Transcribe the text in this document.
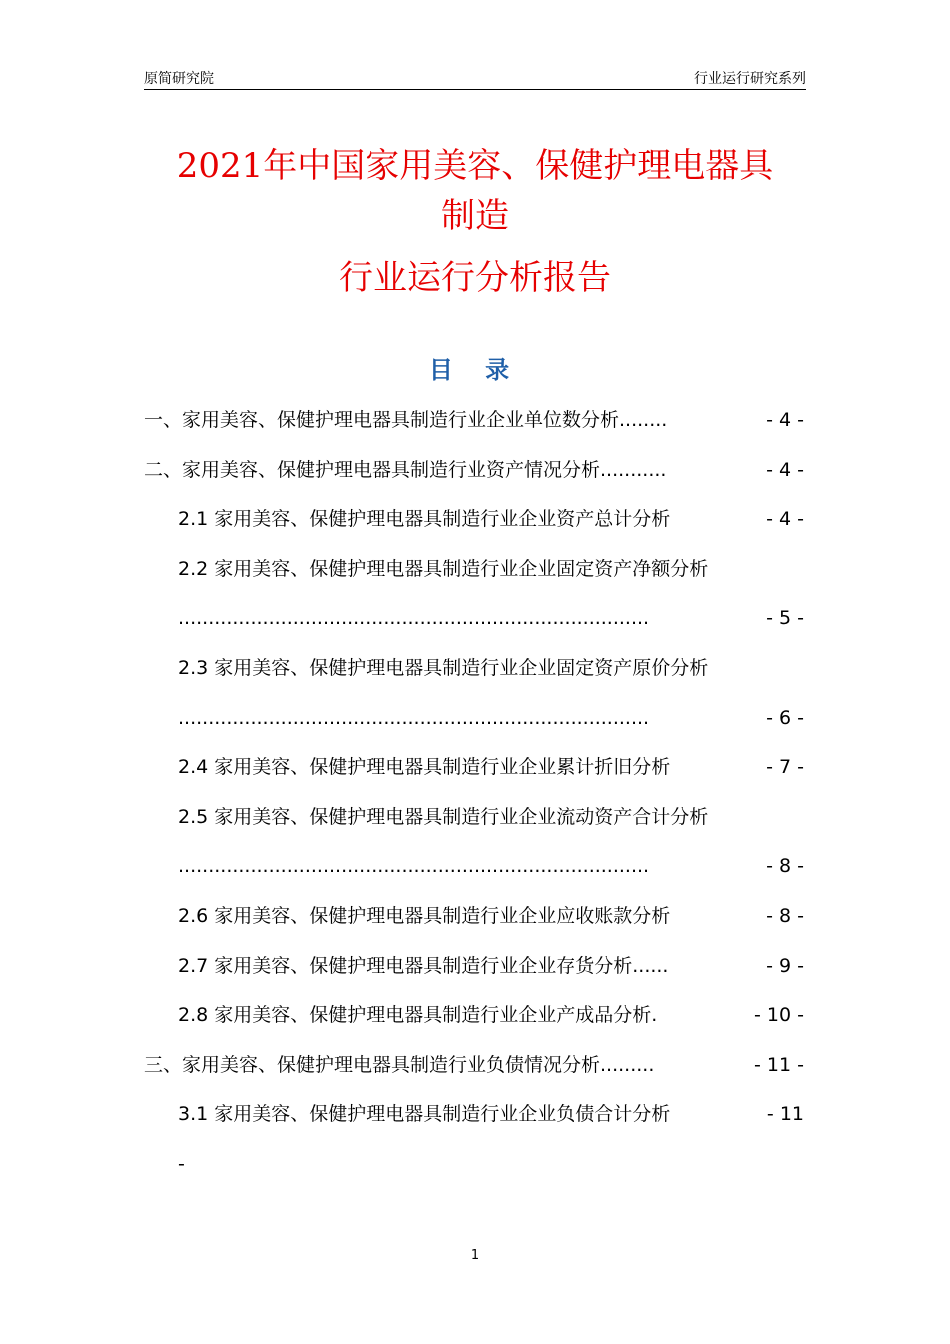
原简研究院	行业运行研究系列
2021年中国家用美容、保健护理电器具
制造
行业运行分析报告
目 录
一、家用美容、保健护理电器具制造行业企业单位数分析........	- 4 -
二、家用美容、保健护理电器具制造行业资产情况分析...........	- 4 -
2.1 家用美容、保健护理电器具制造行业企业资产总计分析	- 4 -
2.2 家用美容、保健护理电器具制造行业企业固定资产净额分析
..............................................................................	- 5 -
2.3 家用美容、保健护理电器具制造行业企业固定资产原价分析
..............................................................................	- 6 -
2.4 家用美容、保健护理电器具制造行业企业累计折旧分析	- 7 -
2.5 家用美容、保健护理电器具制造行业企业流动资产合计分析
..............................................................................	- 8 -
2.6 家用美容、保健护理电器具制造行业企业应收账款分析	- 8 -
2.7 家用美容、保健护理电器具制造行业企业存货分析......	- 9 -
2.8 家用美容、保健护理电器具制造行业企业产成品分析.	- 10 -
三、家用美容、保健护理电器具制造行业负债情况分析.........	- 11 -
3.1 家用美容、保健护理电器具制造行业企业负债合计分析	- 11
-
1
